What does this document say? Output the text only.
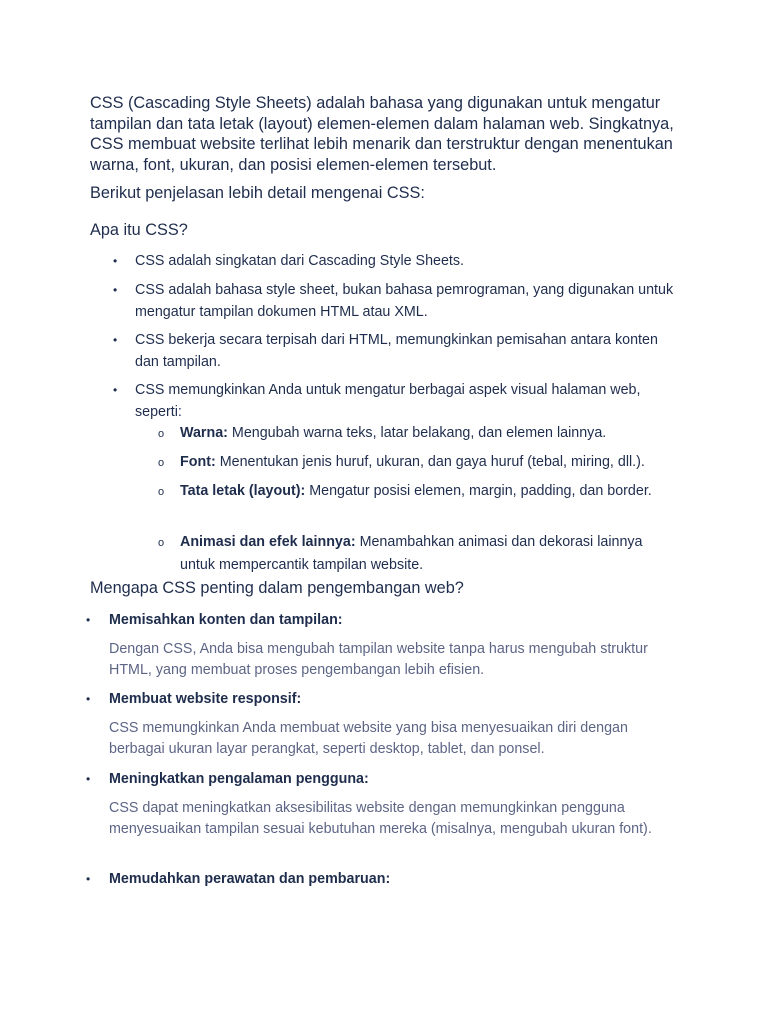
CSS (Cascading Style Sheets) adalah bahasa yang digunakan untuk mengatur tampilan dan tata letak (layout) elemen-elemen dalam halaman web. Singkatnya, CSS membuat website terlihat lebih menarik dan terstruktur dengan menentukan warna, font, ukuran, dan posisi elemen-elemen tersebut.

Berikut penjelasan lebih detail mengenai CSS:

Apa itu CSS?
• CSS adalah singkatan dari Cascading Style Sheets.
• CSS adalah bahasa style sheet, bukan bahasa pemrograman, yang digunakan untuk mengatur tampilan dokumen HTML atau XML.
• CSS bekerja secara terpisah dari HTML, memungkinkan pemisahan antara konten dan tampilan.
• CSS memungkinkan Anda untuk mengatur berbagai aspek visual halaman web, seperti:
o Warna: Mengubah warna teks, latar belakang, dan elemen lainnya.
o Font: Menentukan jenis huruf, ukuran, dan gaya huruf (tebal, miring, dll.).
o Tata letak (layout): Mengatur posisi elemen, margin, padding, dan border.
o Animasi dan efek lainnya: Menambahkan animasi dan dekorasi lainnya untuk mempercantik tampilan website.
Mengapa CSS penting dalam pengembangan web?
• Memisahkan konten dan tampilan:
Dengan CSS, Anda bisa mengubah tampilan website tanpa harus mengubah struktur HTML, yang membuat proses pengembangan lebih efisien.
• Membuat website responsif:
CSS memungkinkan Anda membuat website yang bisa menyesuaikan diri dengan berbagai ukuran layar perangkat, seperti desktop, tablet, dan ponsel.
• Meningkatkan pengalaman pengguna:
CSS dapat meningkatkan aksesibilitas website dengan memungkinkan pengguna menyesuaikan tampilan sesuai kebutuhan mereka (misalnya, mengubah ukuran font).
• Memudahkan perawatan dan pembaruan:
